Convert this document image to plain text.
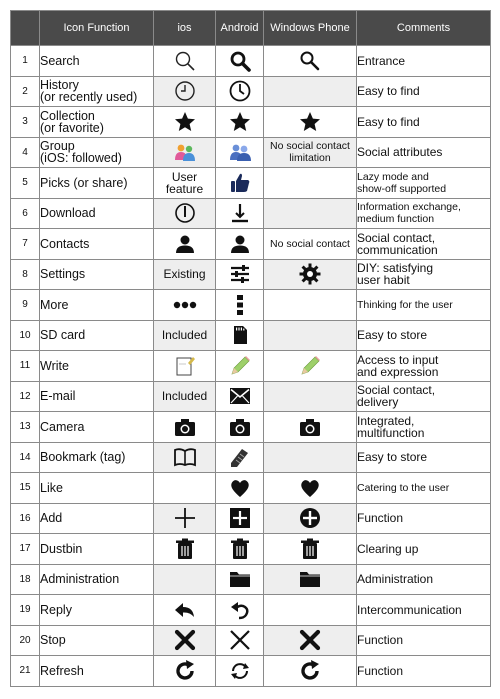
	Icon Function	ios	Android	Windows Phone	Comments
1	Search				Entrance

2	History
(or recently used)				Easy to find

3	Collection
(or favorite)				Easy to find

4	Group
(iOS: followed)			No social contact limitation	Social attributes

5	Picks (or share)	User feature			Lazy mode and
show-off supported

6	Download				Information exchange,
medium function

7	Contacts			No social contact	Social contact,
communication

8	Settings	Existing			DIY: satisfying
user habit

9	More				Thinking for the user

10	SD card	Included			Easy to store

11	Write				Access to input
and expression

12	E-mail	Included			Social contact,
delivery

13	Camera				Integrated,
multifunction

14	Bookmark (tag)				Easy to store

15	Like				Catering to the user

16	Add				Function

17	Dustbin				Clearing up

18	Administration				Administration

19	Reply				Intercommunication

20	Stop				Function

21	Refresh				Function
